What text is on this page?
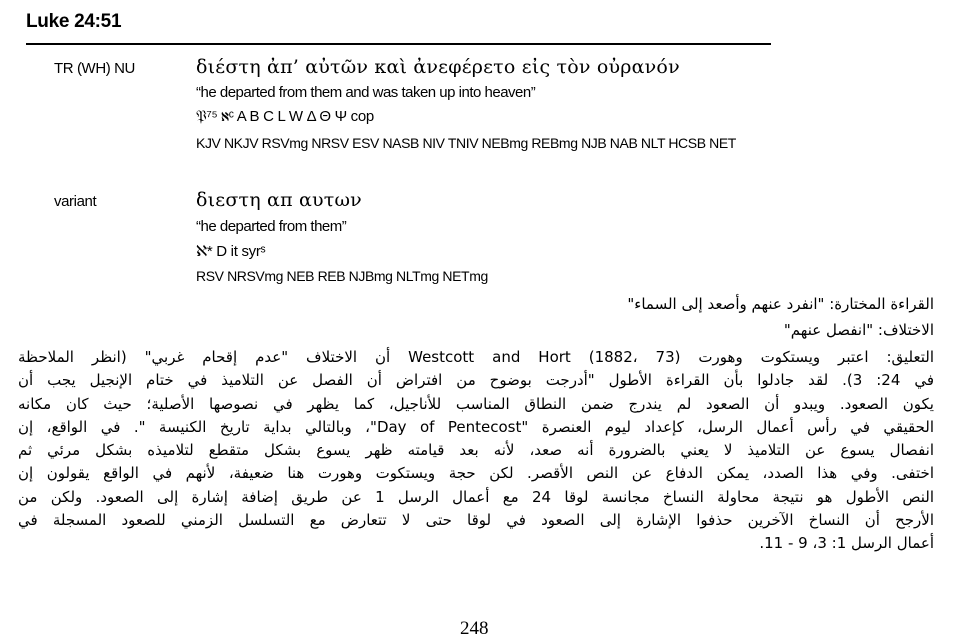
Luke 24:51
TR (WH) NU	διέστη ἀπ’ αὐτῶν καὶ ἀνεφέρετο εἰς τὸν οὐρανόν
“he departed from them and was taken up into heaven”
𝔓⁷⁵ ℵᶜ A B C L W Δ Θ Ψ cop
KJV NKJV RSVmg NRSV ESV NASB NIV TNIV NEBmg REBmg NJB NAB NLT HCSB NET
variant	διεστη απ αυτων
“he departed from them”
ℵ* D it syrˢ
RSV NRSVmg NEB REB NJBmg NLTmg NETmg
القراءة المختارة: "انفرد عنهم وأصعد إلى السماء"
الاختلاف: "انفصل عنهم"
التعليق: اعتبر ويستكوت وهورت Westcott and Hort (1882، 73) أن الاختلاف "عدم إقحام غربي" (انظر الملاحظة
في 24: 3). لقد جادلوا بأن القراءة الأطول "أدرجت بوضوح من افتراض أن الفصل عن التلاميذ في ختام الإنجيل يجب أن
يكون الصعود. ويبدو أن الصعود لم يندرج ضمن النطاق المناسب للأناجيل، كما يظهر في نصوصها الأصلية؛ حيث كان مكانه
الحقيقي في رأس أعمال الرسل، كإعداد ليوم العنصرة "Day of Pentecost"، وبالتالي بداية تاريخ الكنيسة ". في الواقع، إن
انفصال يسوع عن التلاميذ لا يعني بالضرورة أنه صعد، لأنه بعد قيامته ظهر يسوع بشكل متقطع لتلاميذه بشكل مرئي ثم
اختفى. وفي هذا الصدد، يمكن الدفاع عن النص الأقصر. لكن حجة ويستكوت وهورت هنا ضعيفة، لأنهم في الواقع يقولون إن
النص الأطول هو نتيجة محاولة النساخ مجانسة لوقا 24 مع أعمال الرسل 1 عن طريق إضافة إشارة إلى الصعود. ولكن من
الأرجح أن النساخ الآخرين حذفوا الإشارة إلى الصعود في لوقا حتى لا تتعارض مع التسلسل الزمني للصعود المسجلة في
أعمال الرسل 1: 3، 9 - 11.
248
